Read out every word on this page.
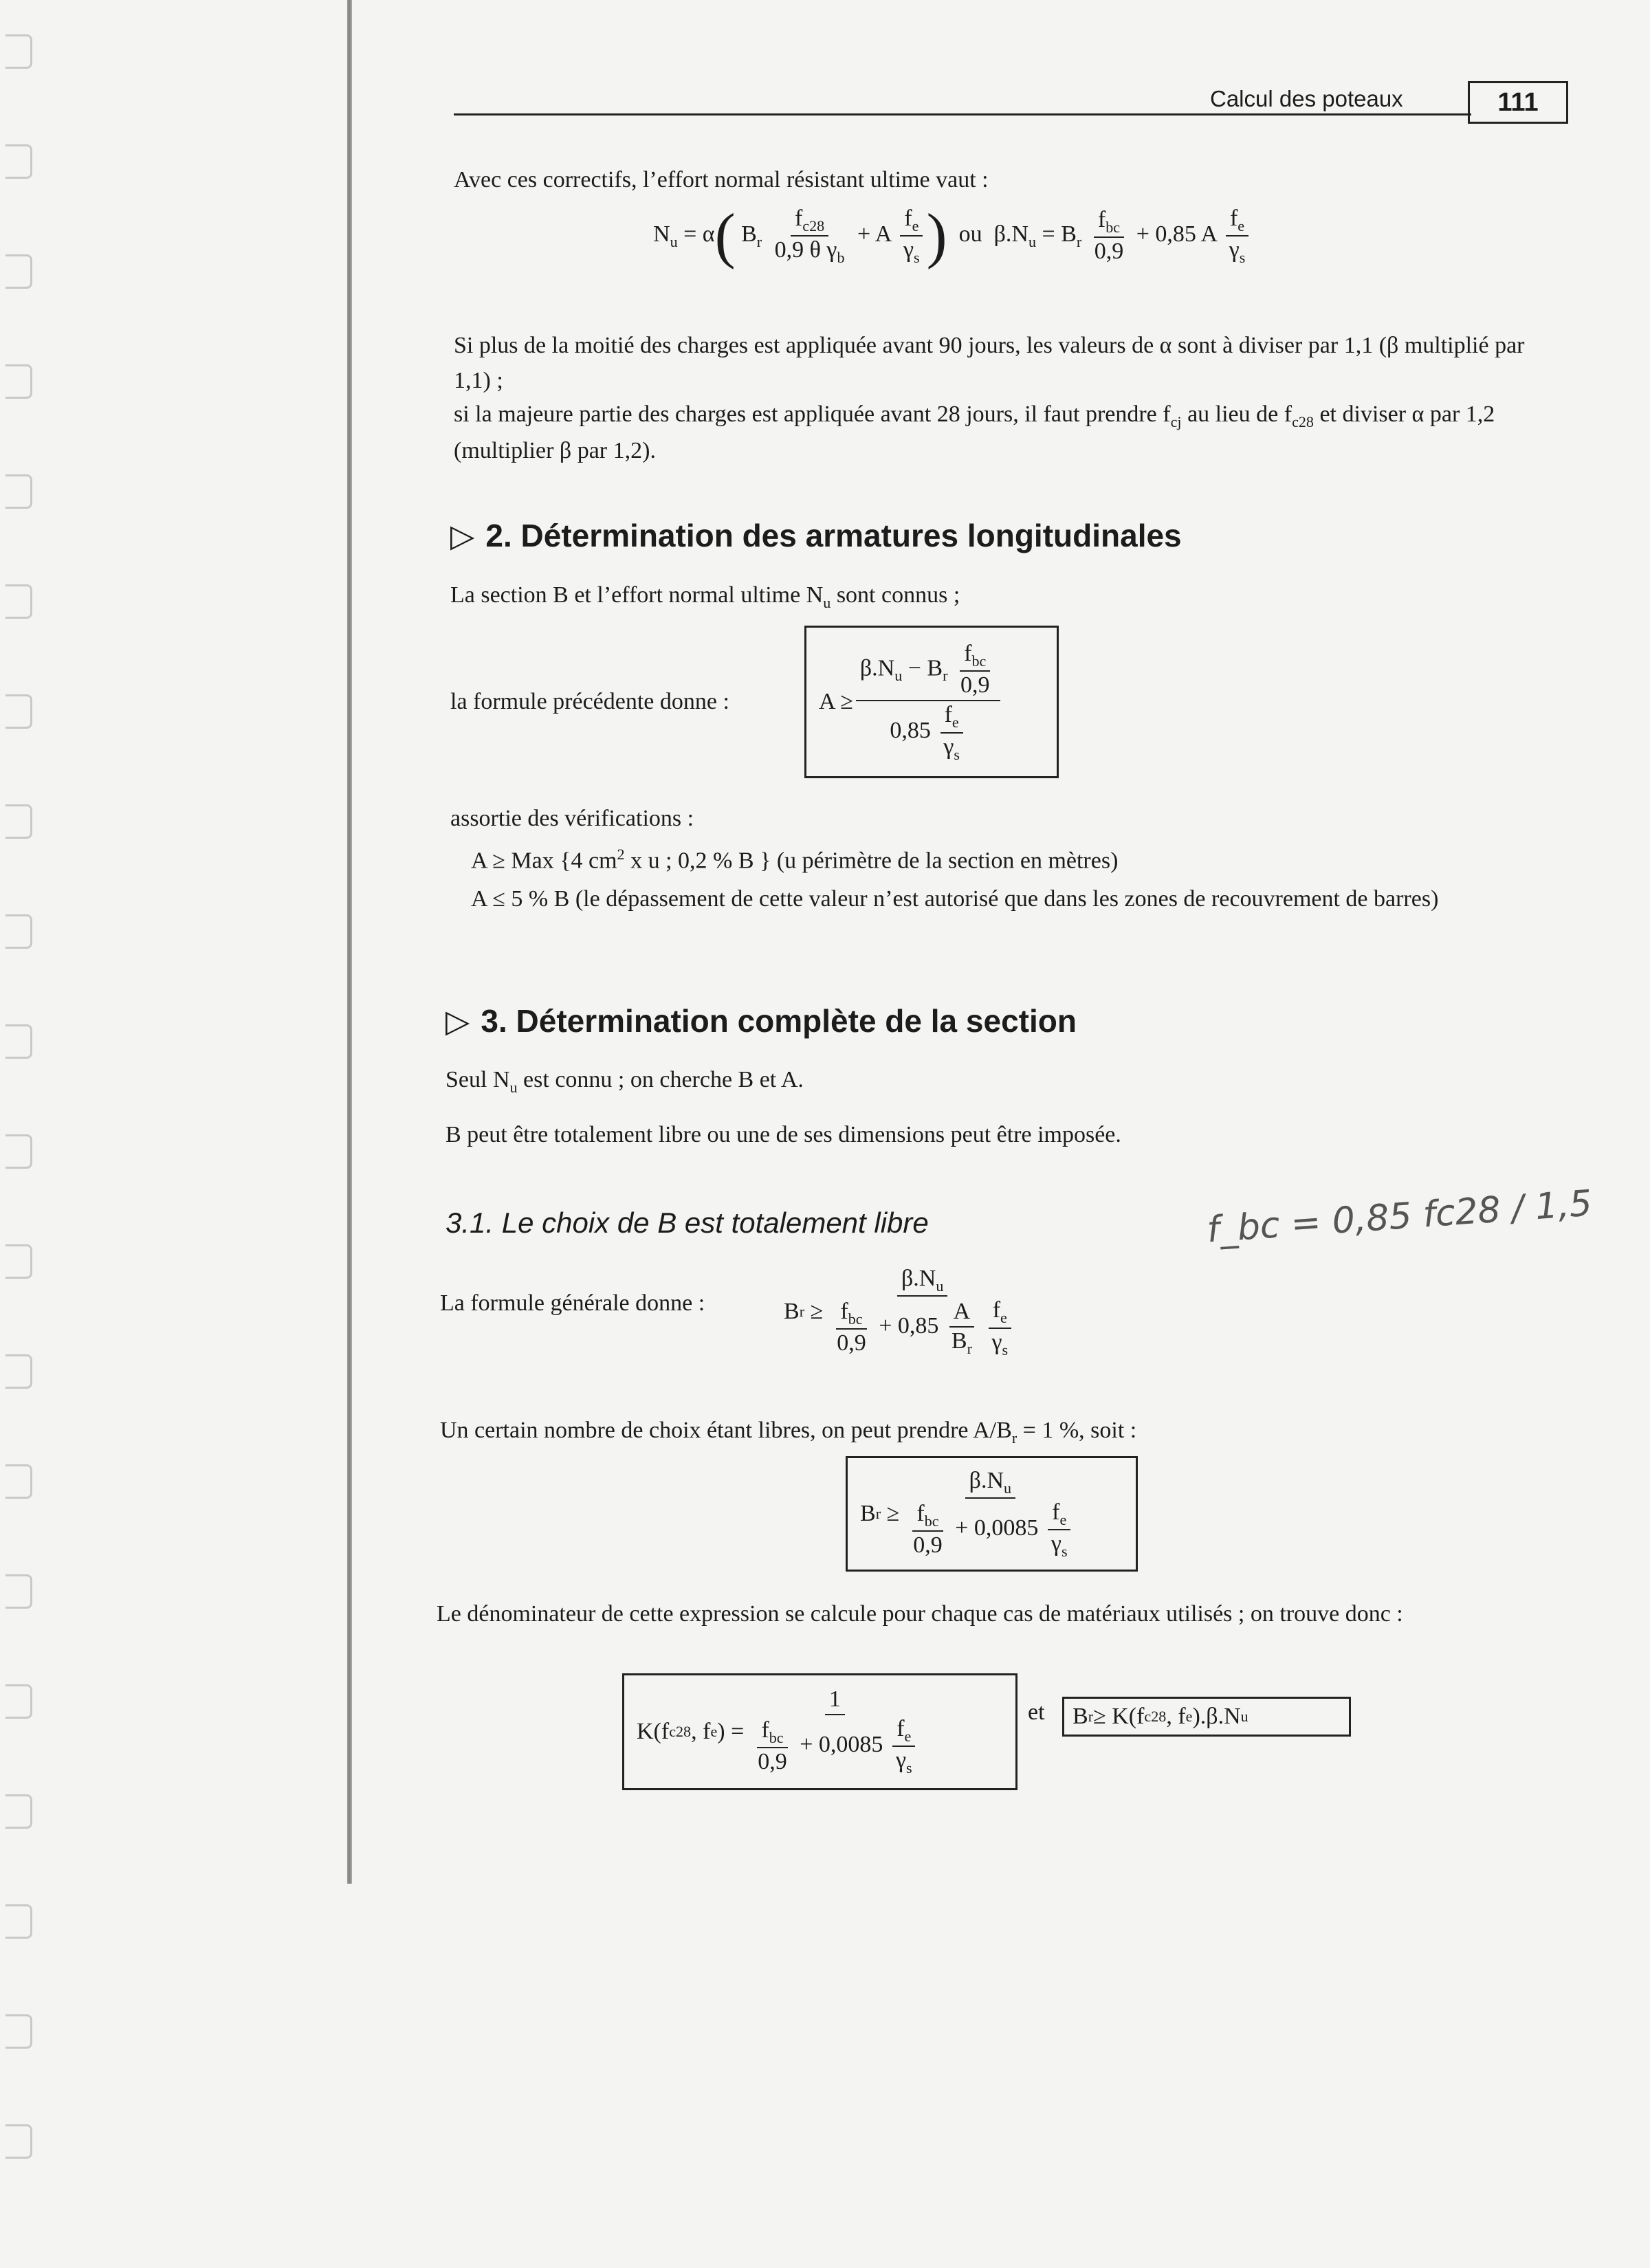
Calcul des poteaux	111
Avec ces correctifs, l’effort normal résistant ultime vaut :
$N_u = \alpha$( $B_r \frac{f_{c28}}{0,9 \theta \gamma_b} + A \frac{f_e}{\gamma_s}$ ) ou $\beta.N_u = B_r \frac{f_{bc}}{0,9} + 0,85$ A $\frac{f_e}{\gamma_s}$
Si plus de la moitié des charges est appliquée avant 90 jours, les valeurs de α sont à diviser par 1,1 (β multiplié par 1,1) ;
si la majeure partie des charges est appliquée avant 28 jours, il faut prendre $f_{cj}$ au lieu de $f_{c28}$ et diviser α par 1,2 (multiplier β par 1,2).
▷ 2. Détermination des armatures longitudinales
La section B et l’effort normal ultime $N_u$ sont connus ;
la formule précédente donne :	$A \ge \frac{\beta.N_u - B_r \frac{f_{bc}}{0,9}}{0,85 \frac{f_e}{\gamma_s}}$
assortie des vérifications :
A ≥ Max {4 $cm^2$ x u ; 0,2 % B } (u périmètre de la section en mètres)
A ≤ 5 % B (le dépassement de cette valeur n’est autorisé que dans les zones de recouvrement de barres)
▷ 3. Détermination complète de la section
Seul $N_u$ est connu ; on cherche B et A.
B peut être totalement libre ou une de ses dimensions peut être imposée.
3.1. Le choix de B est totalement libre
La formule générale donne :	B r
≥ $\beta.N_u$
$\frac{f_{bc}}{0,9} + 0,85 \frac{A}{B_r}$
$\frac{f_e}{\gamma_s}$
Un certain nombre de choix étant libres, on peut prendre $A/B_r = 1$ %, soit :
B r
≥ $\frac{\beta.N_u}{\frac{f_{bc}}{0,9} + 0,0085 \frac{f_e}{\gamma_s}}$
Le dénominateur de cette expression se calcule pour chaque cas de matériaux utilisés ; on trouve donc :
K(f c28 , f e ) = $\frac{1}{\frac{f_{bc}}{0,9} + 0,0085 \frac{f_e}{\gamma_s}}$	et B r ≥ K(f c28 , f e ).β.N u
f_bc = 0,85 fc28 / 1,5
